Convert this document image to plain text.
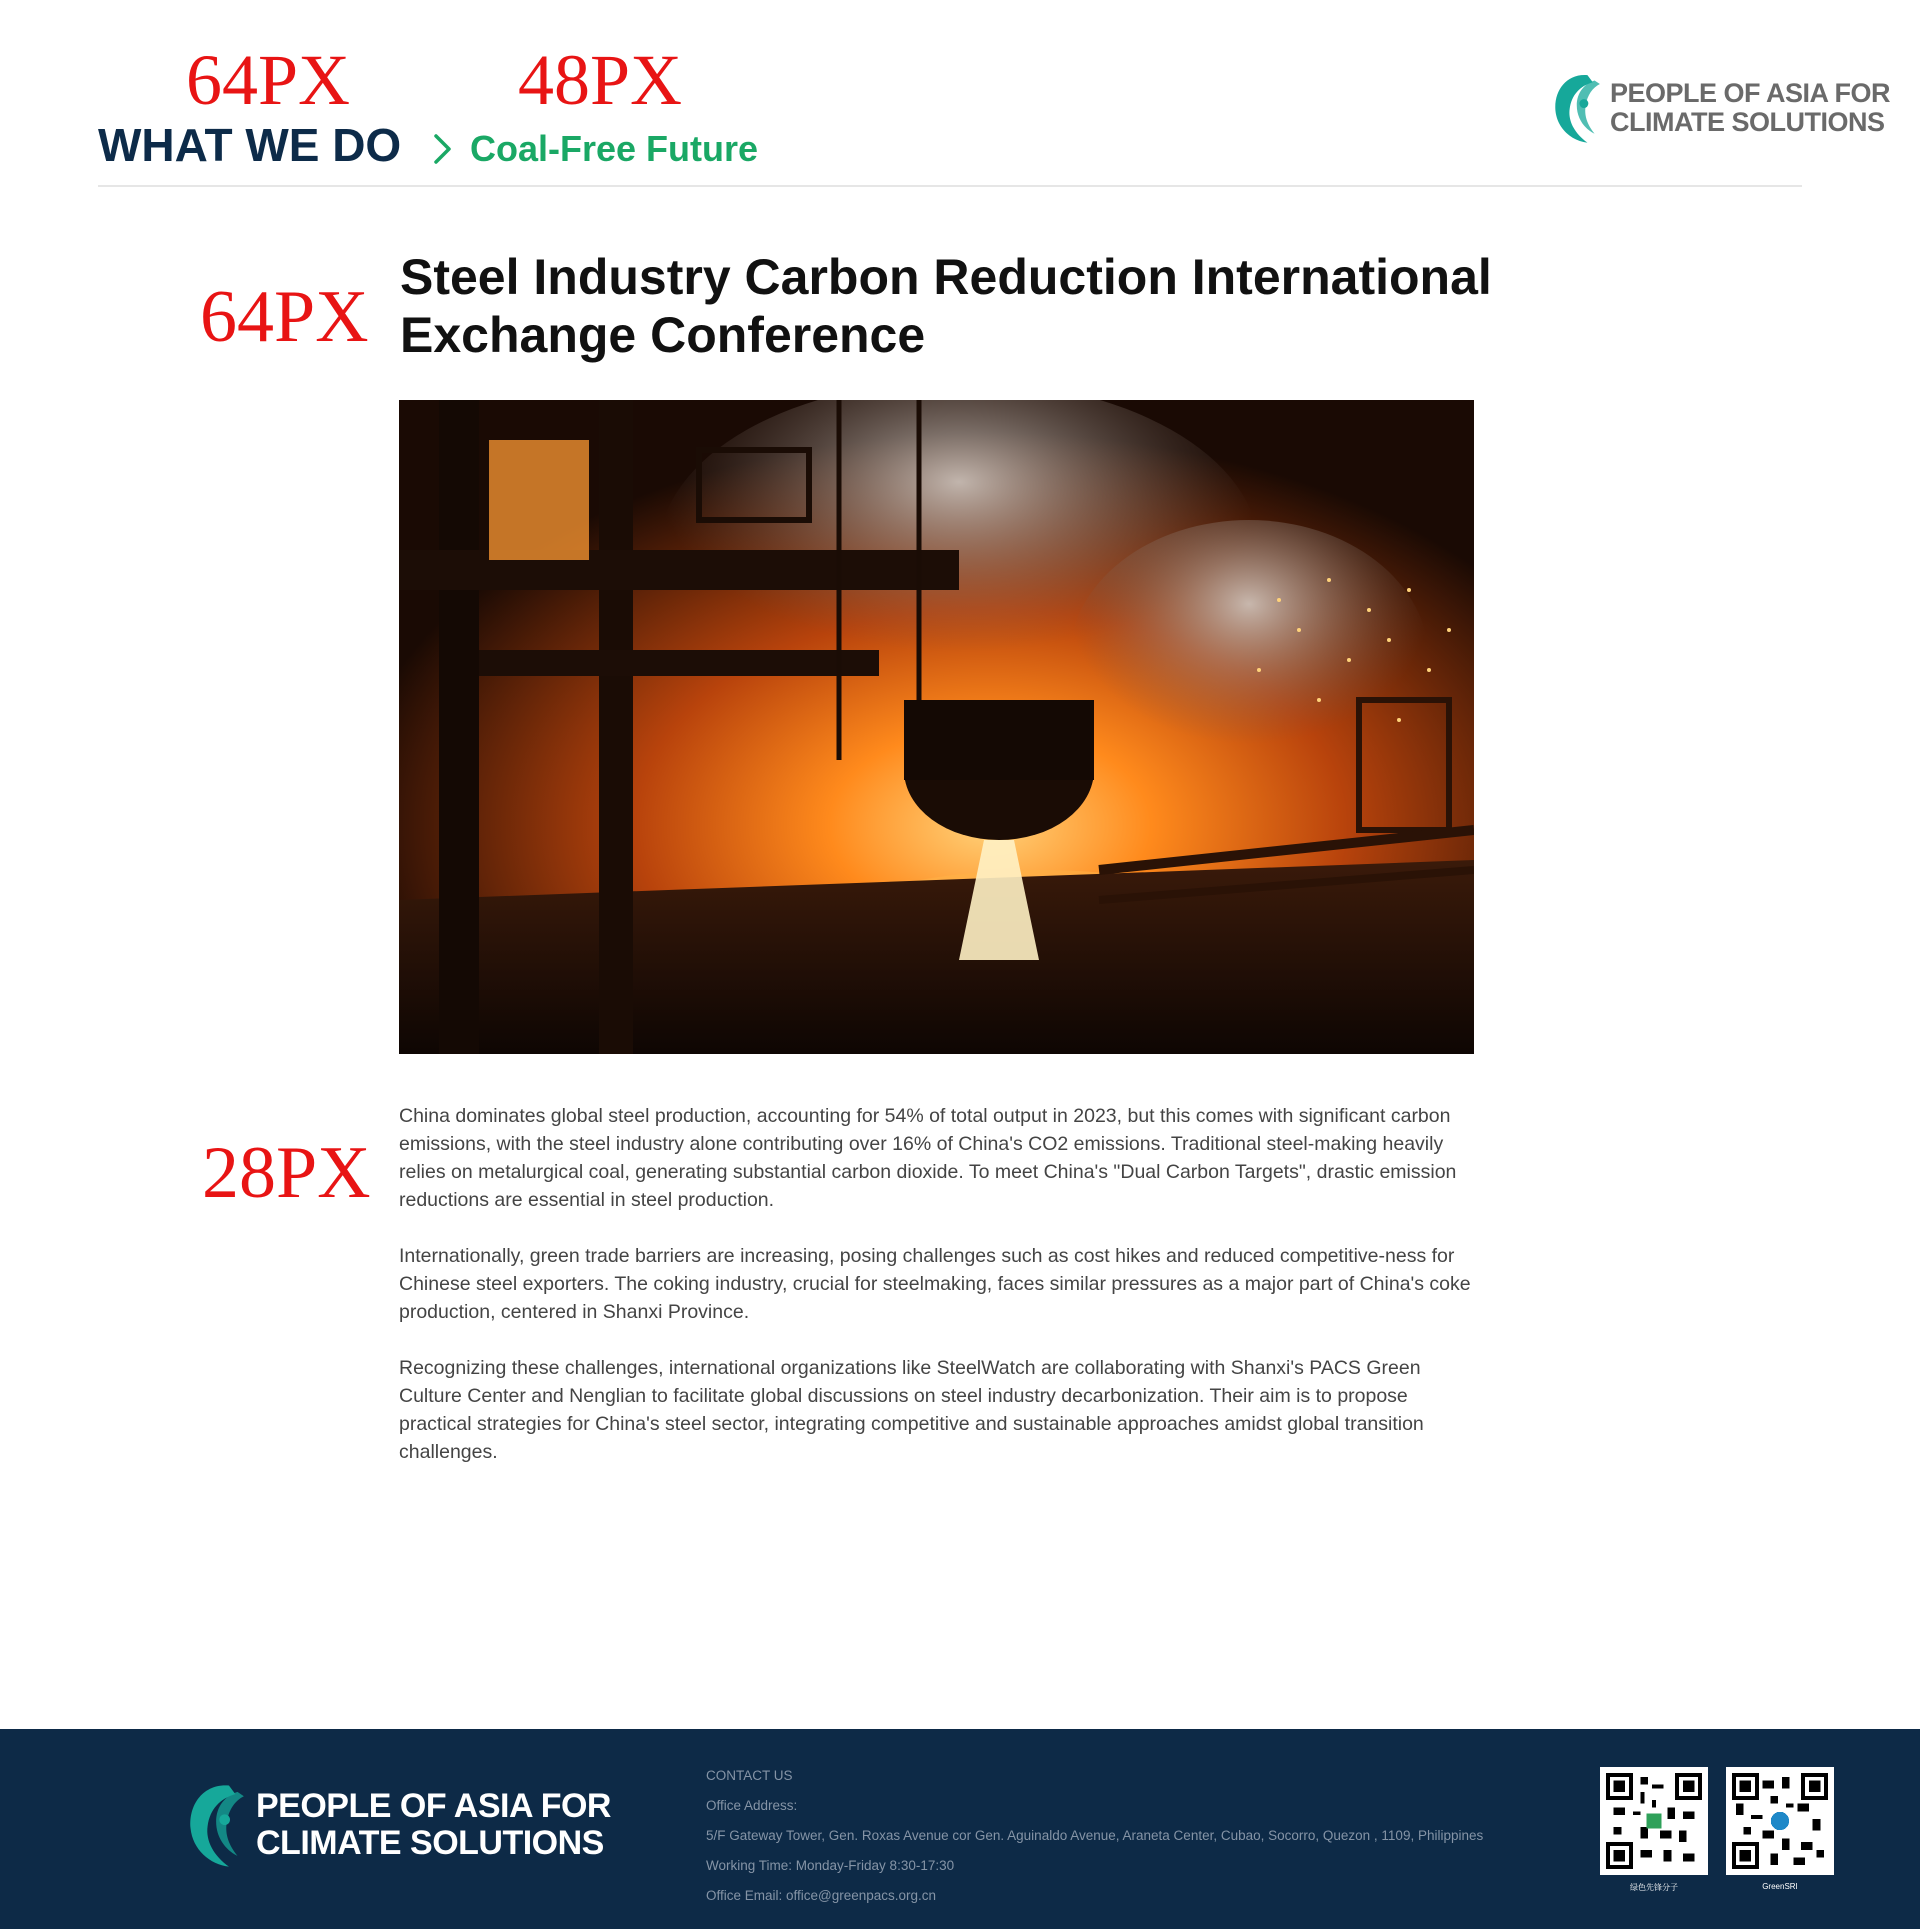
64PX 48PX
64PX
28PX
WHAT WE DO Coal-Free Future
PEOPLE OF ASIA FOR
CLIMATE SOLUTIONS
Steel Industry Carbon Reduction International Exchange Conference

China dominates global steel production, accounting for 54% of total output in 2023, but this comes with significant carbon emissions, with the steel industry alone contributing over 16% of China's CO2 emissions. Traditional steel-making heavily relies on metalurgical coal, generating substantial carbon dioxide. To meet China's "Dual Carbon Targets", drastic emission reductions are essential in steel production.

Internationally, green trade barriers are increasing, posing challenges such as cost hikes and reduced competitive-ness for Chinese steel exporters. The coking industry, crucial for steelmaking, faces similar pressures as a major part of China's coke production, centered in Shanxi Province.

Recognizing these challenges, international organizations like SteelWatch are collaborating with Shanxi's PACS Green Culture Center and Nenglian to facilitate global discussions on steel industry decarbonization. Their aim is to propose practical strategies for China's steel sector, integrating competitive and sustainable approaches amidst global transition challenges.

PEOPLE OF ASIA FOR
CLIMATE SOLUTIONS
CONTACT US
Office Address:
5/F Gateway Tower, Gen. Roxas Avenue cor Gen. Aguinaldo Avenue, Araneta Center, Cubao, Socorro, Quezon , 1109, Philippines
Working Time: Monday-Friday 8:30-17:30
Office Email: office@greenpacs.org.cn
绿色先锋分子	GreenSRI
